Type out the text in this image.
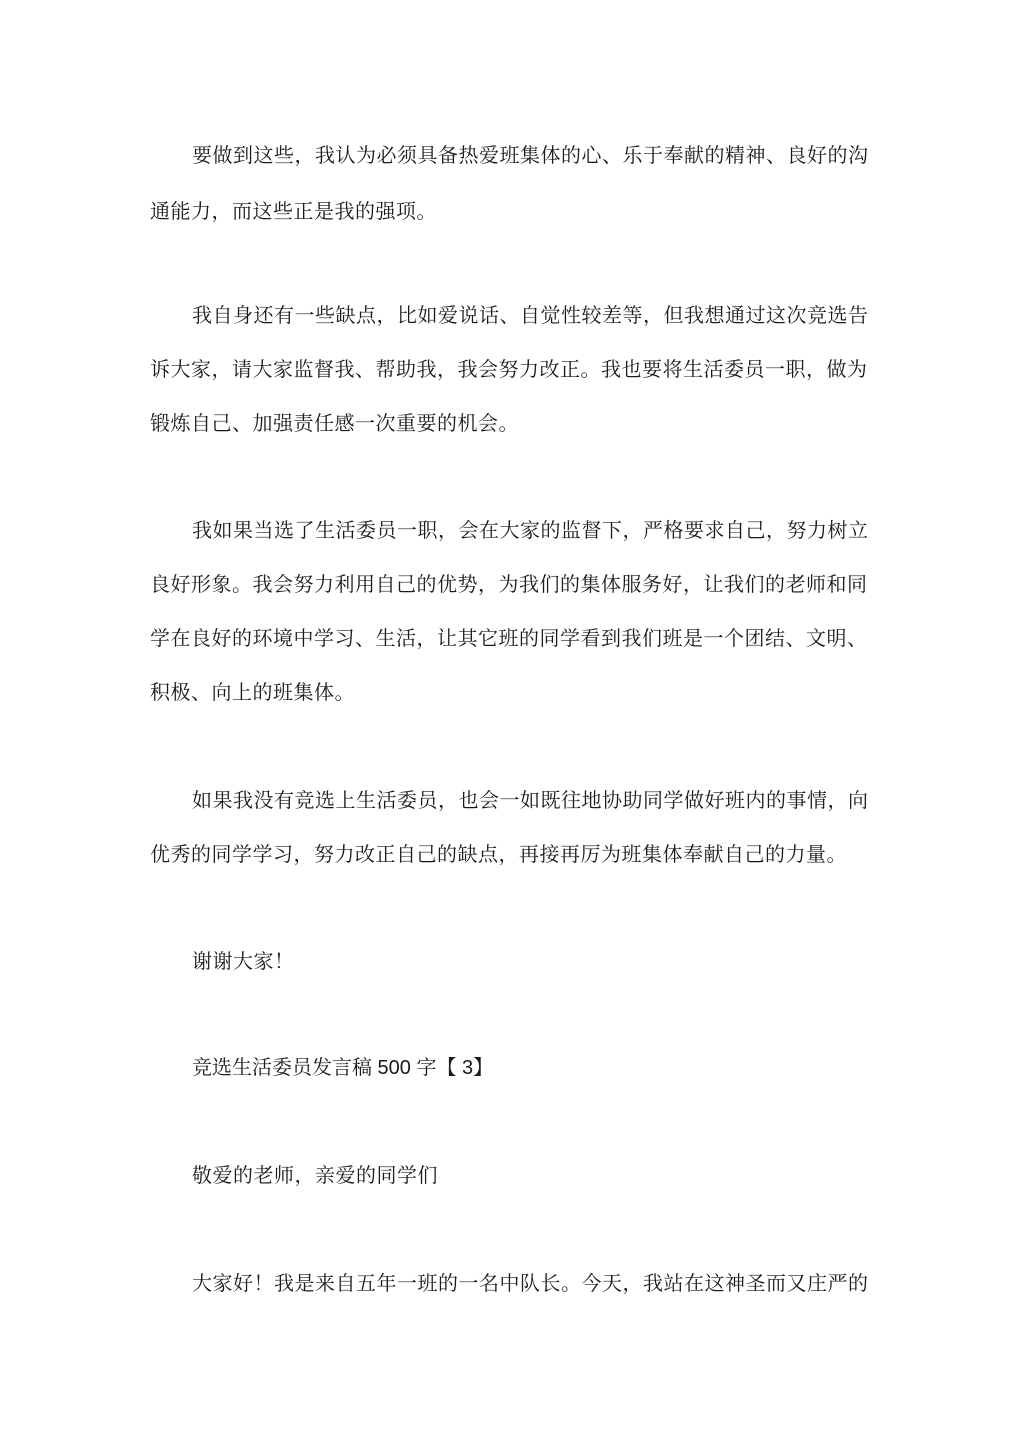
要做到这些，我认为必须具备热爱班集体的心、乐于奉献的精神、良好的沟
通能力，而这些正是我的强项。
我自身还有一些缺点，比如爱说话、自觉性较差等，但我想通过这次竞选告
诉大家，请大家监督我、帮助我，我会努力改正。我也要将生活委员一职，做为
锻炼自己、加强责任感一次重要的机会。
我如果当选了生活委员一职，会在大家的监督下，严格要求自己，努力树立
良好形象。我会努力利用自己的优势，为我们的集体服务好，让我们的老师和同
学在良好的环境中学习、生活，让其它班的同学看到我们班是一个团结、文明、
积极、向上的班集体。
如果我没有竞选上生活委员，也会一如既往地协助同学做好班内的事情，向
优秀的同学学习，努力改正自己的缺点，再接再厉为班集体奉献自己的力量。
谢谢大家！
竞选生活委员发言稿 500 字【 3】
敬爱的老师，亲爱的同学们
大家好！我是来自五年一班的一名中队长。今天，我站在这神圣而又庄严的
